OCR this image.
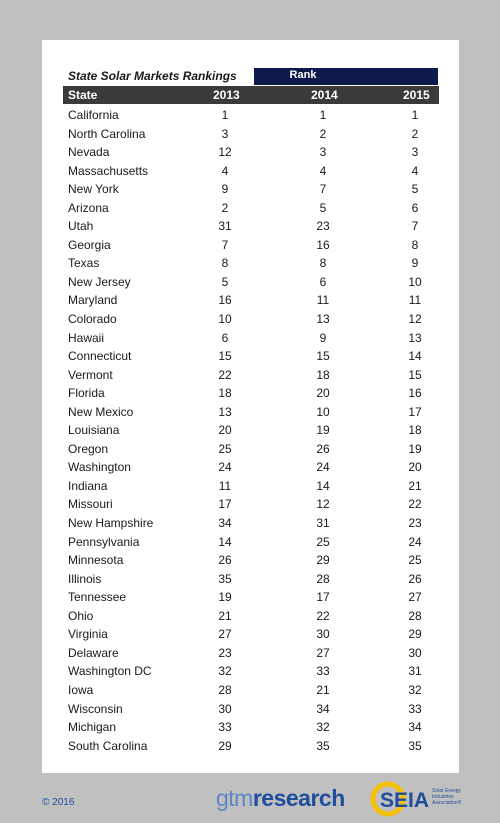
State Solar Markets Rankings	Rank
State	2013	2014	2015
California	1	1	1
North Carolina	3	2	2
Nevada	12	3	3
Massachusetts	4	4	4
New York	9	7	5
Arizona	2	5	6
Utah	31	23	7
Georgia	7	16	8
Texas	8	8	9
New Jersey	5	6	10
Maryland	16	11	11
Colorado	10	13	12
Hawaii	6	9	13
Connecticut	15	15	14
Vermont	22	18	15
Florida	18	20	16
New Mexico	13	10	17
Louisiana	20	19	18
Oregon	25	26	19
Washington	24	24	20
Indiana	11	14	21
Missouri	17	12	22
New Hampshire	34	31	23
Pennsylvania	14	25	24
Minnesota	26	29	25
Illinois	35	28	26
Tennessee	19	17	27
Ohio	21	22	28
Virginia	27	30	29
Delaware	23	27	30
Washington DC	32	33	31
Iowa	28	21	32
Wisconsin	30	34	33
Michigan	33	32	34
South Carolina	29	35	35
© 2016	gtmresearch SEIA Solar Energy
Industries
Association®
